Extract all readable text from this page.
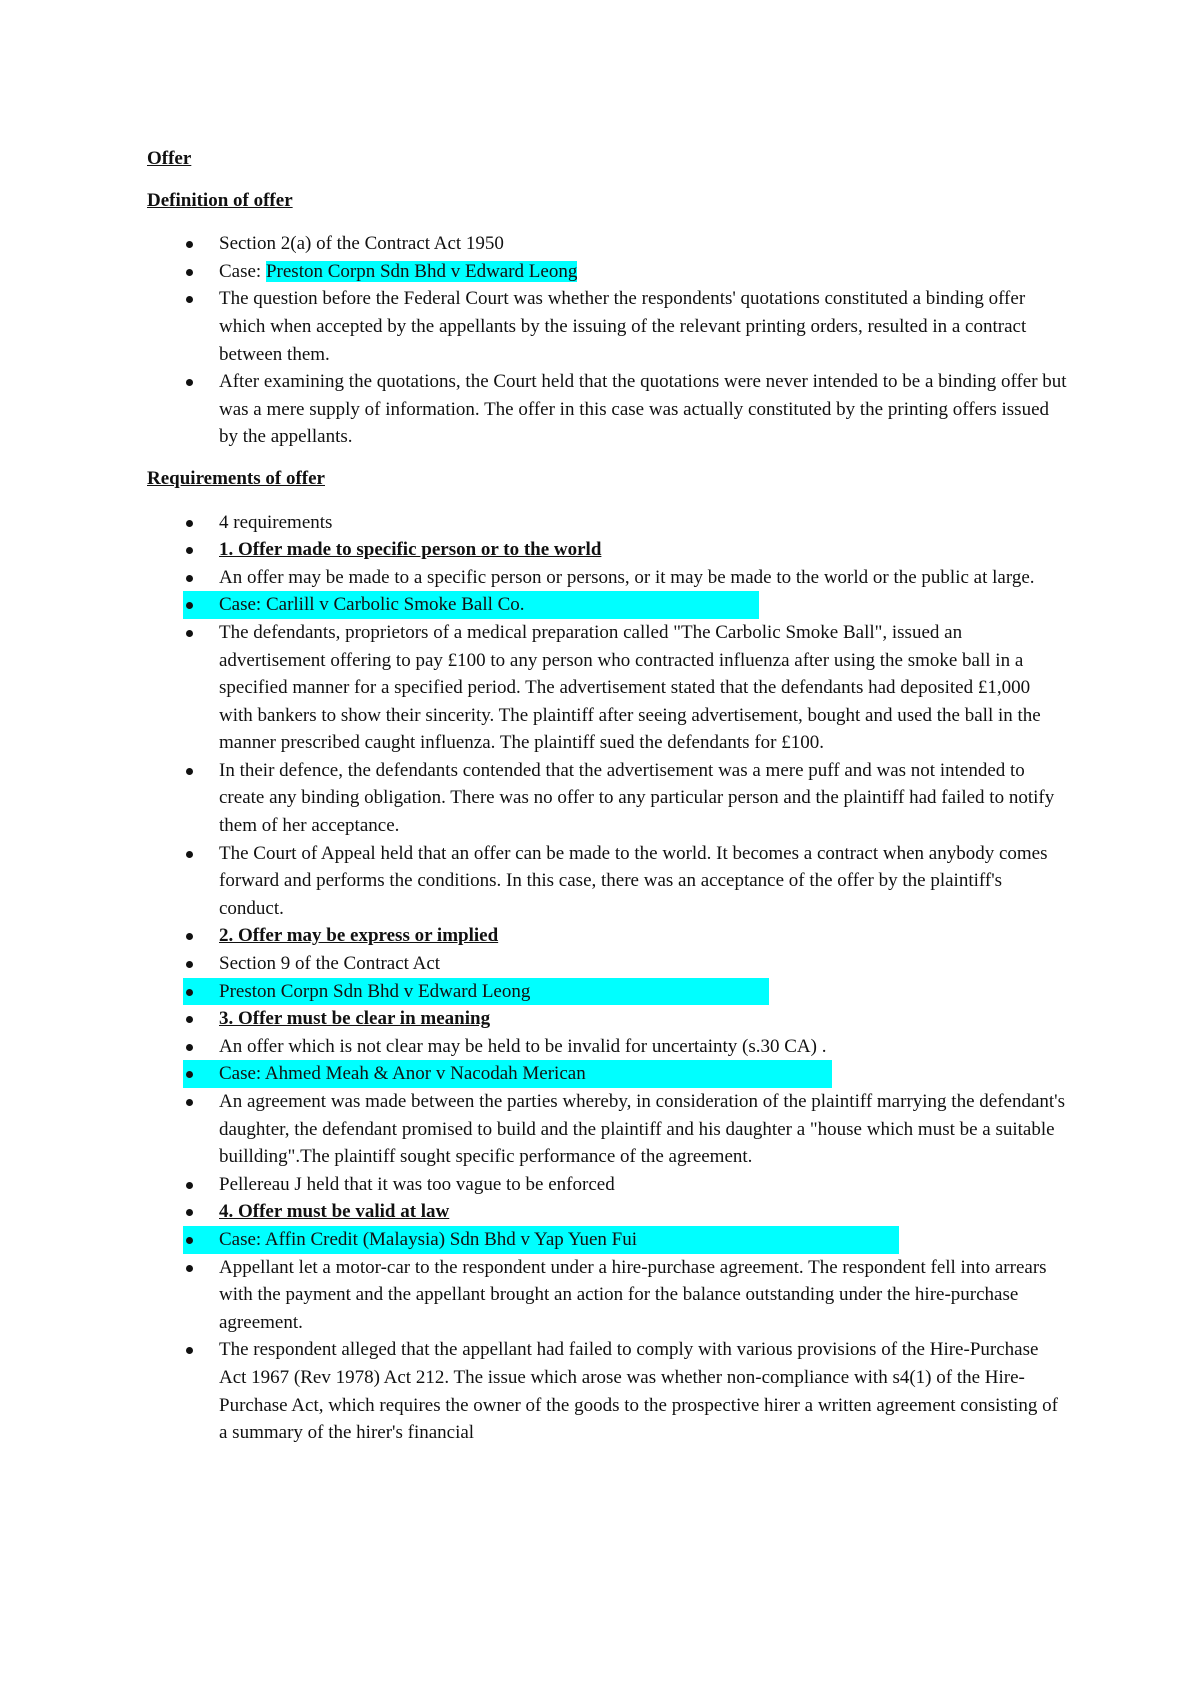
Offer
Definition of offer
Section 2(a) of the Contract Act 1950
Case: Preston Corpn Sdn Bhd v Edward Leong
The question before the Federal Court was whether the respondents' quotations constituted a binding offer which when accepted by the appellants by the issuing of the relevant printing orders, resulted in a contract between them.
After examining the quotations, the Court held that the quotations were never intended to be a binding offer but was a mere supply of information. The offer in this case was actually constituted by the printing offers issued by the appellants.
Requirements of offer
4 requirements
1. Offer made to specific person or to the world
An offer may be made to a specific person or persons, or it may be made to the world or the public at large.
Case: Carlill v Carbolic Smoke Ball Co.
The defendants, proprietors of a medical preparation called "The Carbolic Smoke Ball", issued an advertisement offering to pay £100 to any person who contracted influenza after using the smoke ball in a specified manner for a specified period. The advertisement stated that the defendants had deposited £1,000 with bankers to show their sincerity. The plaintiff after seeing advertisement, bought and used the ball in the manner prescribed caught influenza. The plaintiff sued the defendants for £100.
In their defence, the defendants contended that the advertisement was a mere puff and was not intended to create any binding obligation. There was no offer to any particular person and the plaintiff had failed to notify them of her acceptance.
The Court of Appeal held that an offer can be made to the world. It becomes a contract when anybody comes forward and performs the conditions. In this case, there was an acceptance of the offer by the plaintiff's conduct.
2. Offer may be express or implied
Section 9 of the Contract Act
Preston Corpn Sdn Bhd v Edward Leong
3. Offer must be clear in meaning
An offer which is not clear may be held to be invalid for uncertainty (s.30 CA) .
Case: Ahmed Meah & Anor v Nacodah Merican
An agreement was made between the parties whereby, in consideration of the plaintiff marrying the defendant's daughter, the defendant promised to build and the plaintiff and his daughter a "house which must be a suitable buillding".The plaintiff sought specific performance of the agreement.
Pellereau J held that it was too vague to be enforced
4. Offer must be valid at law
Case: Affin Credit (Malaysia) Sdn Bhd v Yap Yuen Fui
Appellant let a motor-car to the respondent under a hire-purchase agreement. The respondent fell into arrears with the payment and the appellant brought an action for the balance outstanding under the hire-purchase agreement.
The respondent alleged that the appellant had failed to comply with various provisions of the Hire-Purchase Act 1967 (Rev 1978) Act 212. The issue which arose was whether non-compliance with s4(1) of the Hire-Purchase Act, which requires the owner of the goods to the prospective hirer a written agreement consisting of a summary of the hirer's financial
